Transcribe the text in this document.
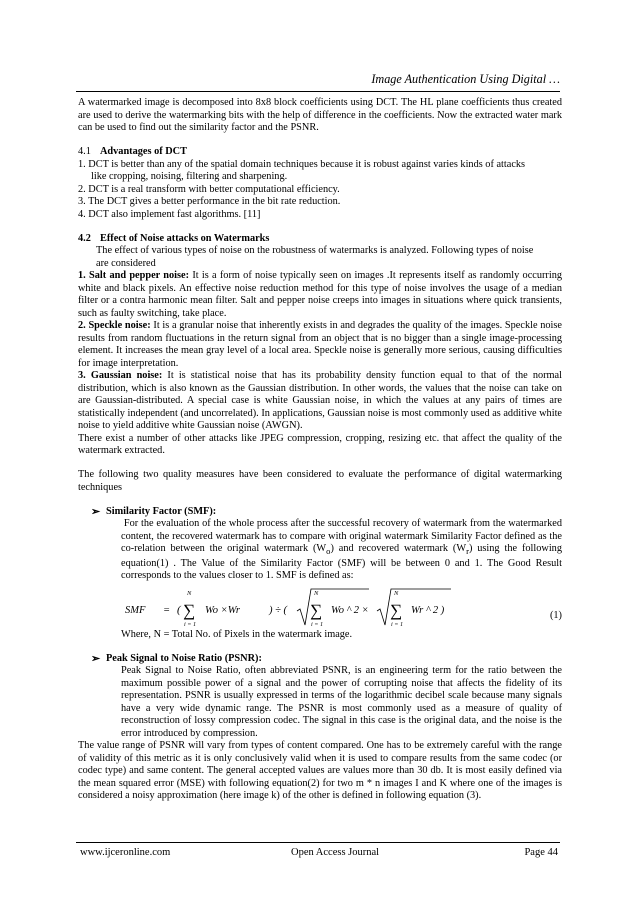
Image Authentication Using Digital …

A watermarked image is decomposed into 8x8 block coefficients using DCT. The HL plane coefficients thus created are used to derive the watermarking bits with the help of difference in the coefficients. Now the extracted water mark can be used to find out the similarity factor and the PSNR.

4.1 Advantages of DCT

1. DCT is better than any of the spatial domain techniques because it is robust against varies kinds of attacks
like cropping, noising, filtering and sharpening.
2. DCT is a real transform with better computational efficiency.
3. The DCT gives a better performance in the bit rate reduction.
4. DCT also implement fast algorithms. [11]

4.2 Effect of Noise attacks on Watermarks

The effect of various types of noise on the robustness of watermarks is analyzed. Following types of noise
are considered

1. Salt and pepper noise: It is a form of noise typically seen on images .It represents itself as randomly occurring white and black pixels. An effective noise reduction method for this type of noise involves the usage of a median filter or a contra harmonic mean filter. Salt and pepper noise creeps into images in situations where quick transients, such as faulty switching, take place.

2. Speckle noise: It is a granular noise that inherently exists in and degrades the quality of the images. Speckle noise results from random fluctuations in the return signal from an object that is no bigger than a single image-processing element. It increases the mean gray level of a local area. Speckle noise is generally more serious, causing difficulties for image interpretation.

3. Gaussian noise: It is statistical noise that has its probability density function equal to that of the normal distribution, which is also known as the Gaussian distribution. In other words, the values that the noise can take on are Gaussian-distributed. A special case is white Gaussian noise, in which the values at any pairs of times are statistically independent (and uncorrelated). In applications, Gaussian noise is most commonly used as additive white noise to yield additive white Gaussian noise (AWGN).

There exist a number of other attacks like JPEG compression, cropping, resizing etc. that affect the quality of the watermark extracted.

The following two quality measures have been considered to evaluate the performance of digital watermarking techniques

➢ Similarity Factor (SMF):

For the evaluation of the whole process after the successful recovery of watermark from the watermarked content, the recovered watermark has to compare with original watermark Similarity Factor defined as the co-relation between the original watermark $(W_o)$ and recovered watermark $(W_r)$ using the following equation(1) . The Value of the Similarity Factor (SMF) will be between 0 and 1. The Good Result corresponds to the values closer to 1. SMF is defined as:

SMF = (
N
∑
i = 1
Wo ×Wr	) ÷ (
N
∑
i = 1
Wo ^ 2 ×
N
∑
i = 1
Wr ^ 2 )	(1)
Where, N = Total No. of Pixels in the watermark image.
➢ Peak Signal to Noise Ratio (PSNR):

Peak Signal to Noise Ratio, often abbreviated PSNR, is an engineering term for the ratio between the maximum possible power of a signal and the power of corrupting noise that affects the fidelity of its representation. PSNR is usually expressed in terms of the logarithmic decibel scale because many signals have a very wide dynamic range. The PSNR is most commonly used as a measure of quality of reconstruction of lossy compression codec. The signal in this case is the original data, and the noise is the error introduced by compression.

The value range of PSNR will vary from types of content compared. One has to be extremely careful with the range of validity of this metric as it is only conclusively valid when it is used to compare results from the same codec (or codec type) and same content. The general accepted values are values more than 30 db. It is most easily defined via the mean squared error (MSE) with following equation(2) for two m * n images I and K where one of the images is considered a noisy approximation (here image k) of the other is defined in following equation (3).

www.ijceronline.com	Open Access Journal	Page 44
